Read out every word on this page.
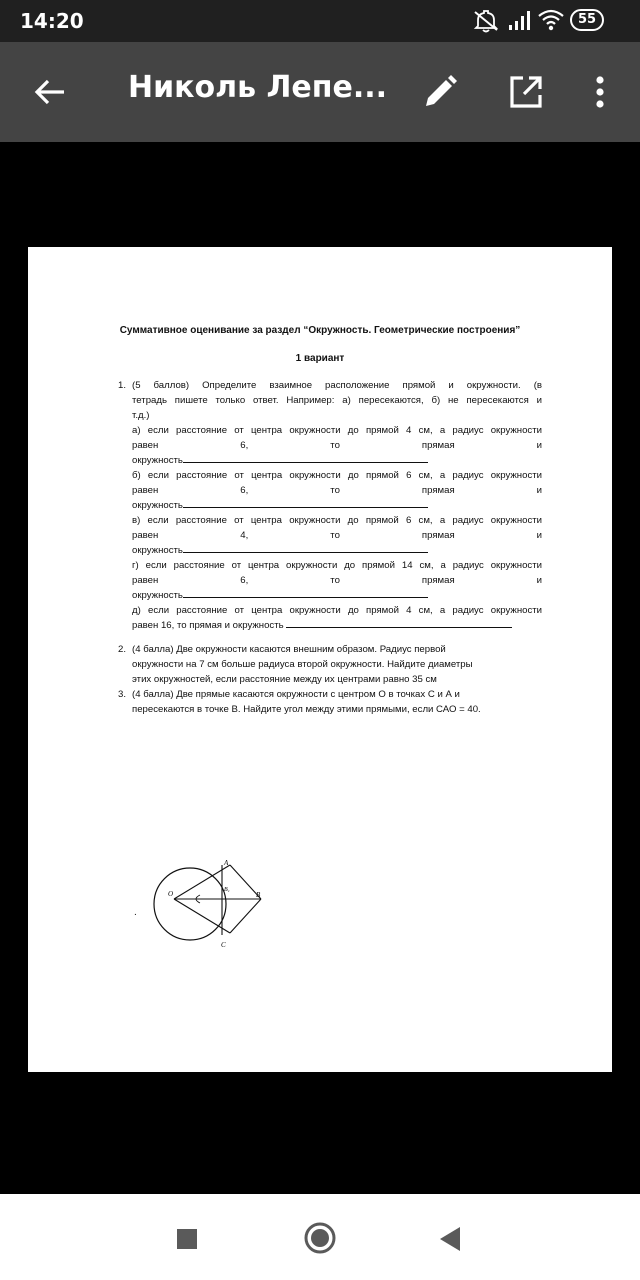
14:20	55
Николь Лепе...
Суммативное оценивание за раздел “Окружность. Геометрические построения”
1 вариант
1. (5 баллов) Определите взаимное расположение прямой и окружности. (в
тетрадь пишете только ответ. Например: а) пересекаются, б) не пересекаются и
т.д.)
а) если расстояние от центра окружности до прямой 4 см, а радиус окружности
равен	6,	то	прямая	и
окружность
б) если расстояние от центра окружности до прямой 6 см, а радиус окружности
равен	6,	то	прямая	и
окружность
в) если расстояние от центра окружности до прямой 6 см, а радиус окружности
равен	4,	то	прямая	и
окружность
г) если расстояние от центра окружности до прямой 14 см, а радиус окружности
равен	6,	то	прямая	и
окружность
д) если расстояние от центра окружности до прямой 4 см, а радиус окружности
равен 16, то прямая и окружность
2. (4 балла) Две окружности касаются внешним образом. Радиус первой
окружности на 7 см больше радиуса второй окружности. Найдите диаметры
этих окружностей, если расстояние между их центрами равно 35 см
3. (4 балла) Две прямые касаются окружности с центром О в точках С и А и
пересекаются в точке В. Найдите угол между этими прямыми, если САО = 40.
A
B
C
O	B₁
.
